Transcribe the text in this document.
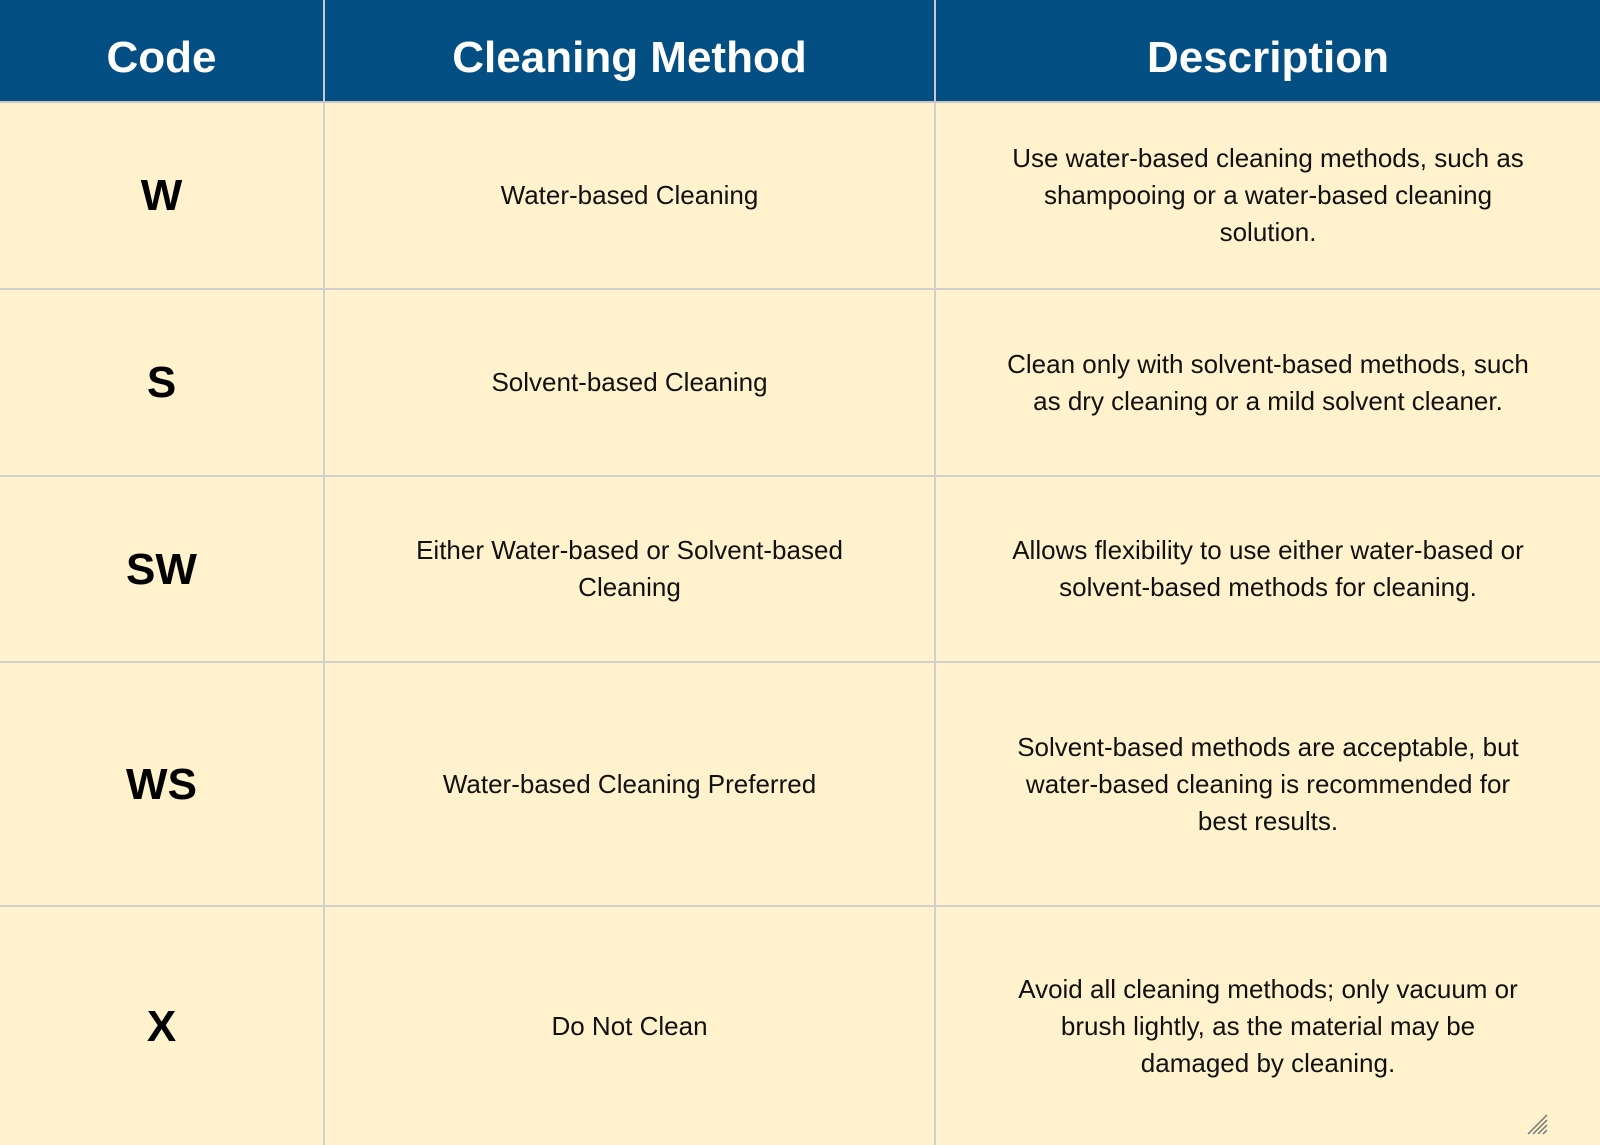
Code	Cleaning Method	Description
W	Water-based Cleaning	Use water-based cleaning methods, such as shampooing or a water-based cleaning solution.
S	Solvent-based Cleaning	Clean only with solvent-based methods, such as dry cleaning or a mild solvent cleaner.
SW	Either Water-based or Solvent-based Cleaning	Allows flexibility to use either water-based or solvent-based methods for cleaning.
WS	Water-based Cleaning Preferred	Solvent-based methods are acceptable, but water-based cleaning is recommended for best results.
X	Do Not Clean	Avoid all cleaning methods; only vacuum or brush lightly, as the material may be damaged by cleaning.
